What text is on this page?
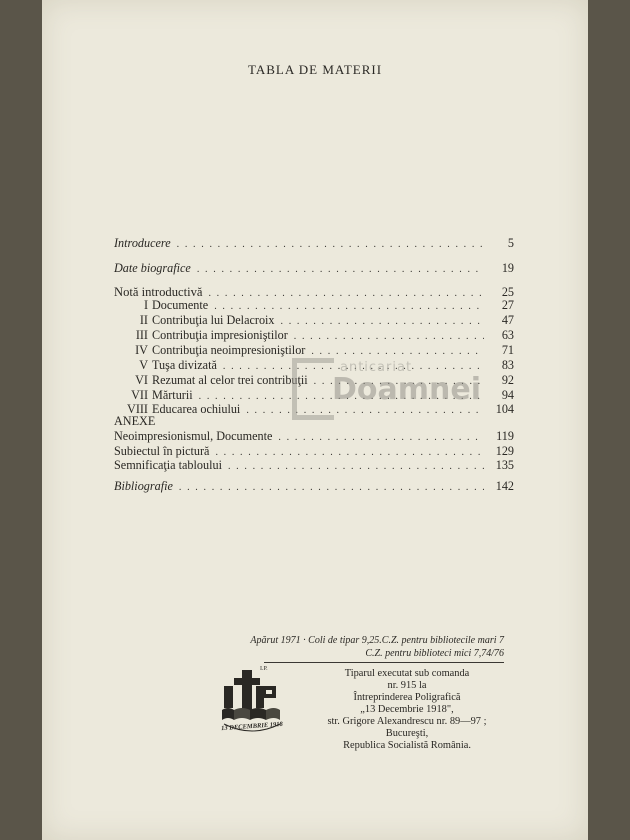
TABLA DE MATERII
Introducere . . .	5
Date biografice . . .	19
Notă introductivă . . .	25
I Documente . . .	27
II Contribuţia lui Delacroix . . .	47
III Contribuţia impresioniştilor . . .	63
IV Contribuţia neoimpresioniştilor . . .	71
V Tuşa divizată . . .	83
VI Rezumat al celor trei contribuţii . . .	92
VII Mărturii . . .	94
VIII Educarea ochiului . . .	104
ANEXE
Neoimpresionismul, Documente . . .	119
Subiectul în pictură . . .	129
Semnificaţia tabloului . . .	135
Bibliografie . . .	142
anticariat
Doamnei
Apărut 1971 · Coli de tipar 9,25.C.Z. pentru bibliotecile mari 7
C.Z. pentru biblioteci mici 7,74/76
13 DECEMBRIE 1918
I.P.	Tiparul executat sub comanda
nr. 915 la
Întreprinderea Poligrafică
„13 Decembrie 1918",
str. Grigore Alexandrescu nr. 89—97 ;
Bucureşti,
Republica Socialistă România.
